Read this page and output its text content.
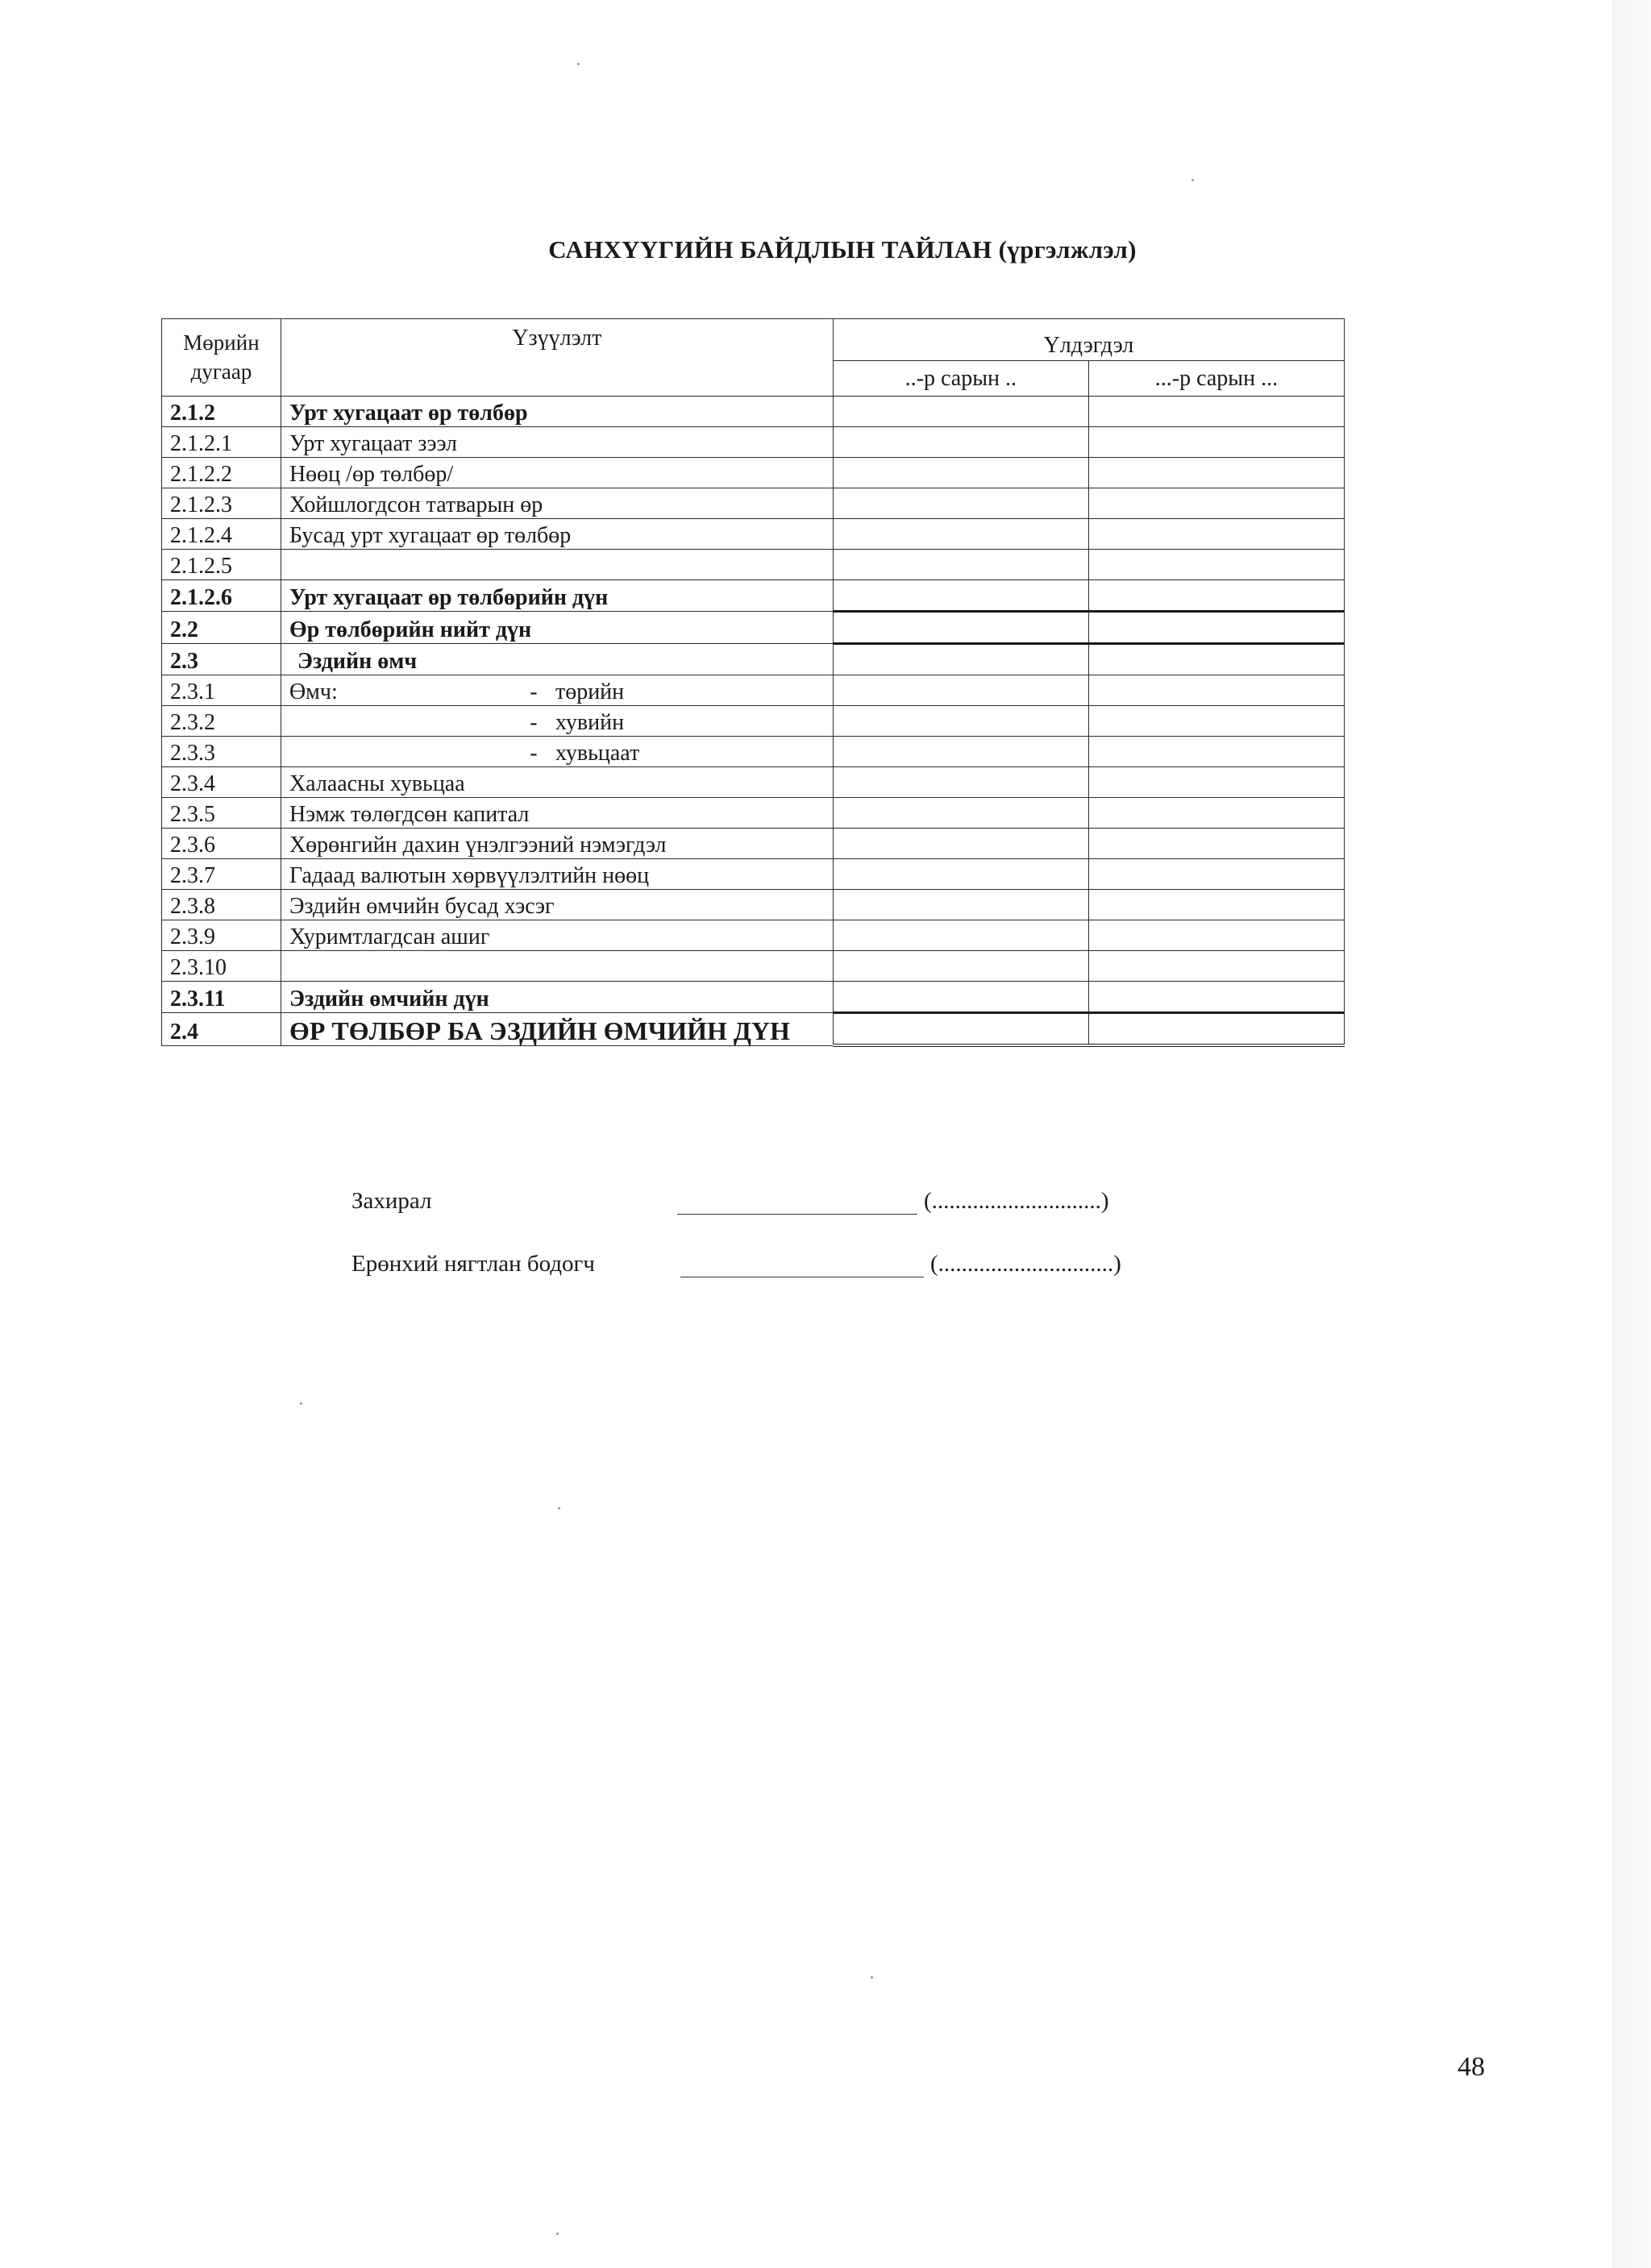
САНХҮҮГИЙН БАЙДЛЫН ТАЙЛАН (үргэлжлэл)
Мөрийн дугаар	Үзүүлэлт	Үлдэгдэл	
		..-р сарын ..	...-р сарын ...
2.1.2	Урт хугацаат өр төлбөр		
2.1.2.1	Урт хугацаат зээл		
2.1.2.2	Нөөц /өр төлбөр/		
2.1.2.3	Хойшлогдсон татварын өр		
2.1.2.4	Бусад урт хугацаат өр төлбөр		
2.1.2.5			
2.1.2.6	Урт хугацаат өр төлбөрийн дүн		
2.2	Өр төлбөрийн нийт дүн		
2.3	Эздийн өмч		
2.3.1	Өмч: - төрийн		
2.3.2	- хувийн		
2.3.3	- хувьцаат		
2.3.4	Халаасны хувьцаа		
2.3.5	Нэмж төлөгдсөн капитал		
2.3.6	Хөрөнгийн дахин үнэлгээний нэмэгдэл		
2.3.7	Гадаад валютын хөрвүүлэлтийн нөөц		
2.3.8	Эздийн өмчийн бусад хэсэг		
2.3.9	Хуримтлагдсан ашиг		
2.3.10			
2.3.11	Эздийн өмчийн дүн		
2.4	ӨР ТӨЛБӨР БА ЭЗДИЙН ӨМЧИЙН ДҮН		
Захирал	(.............................)
Ерөнхий нягтлан бодогч	(..............................)
48
